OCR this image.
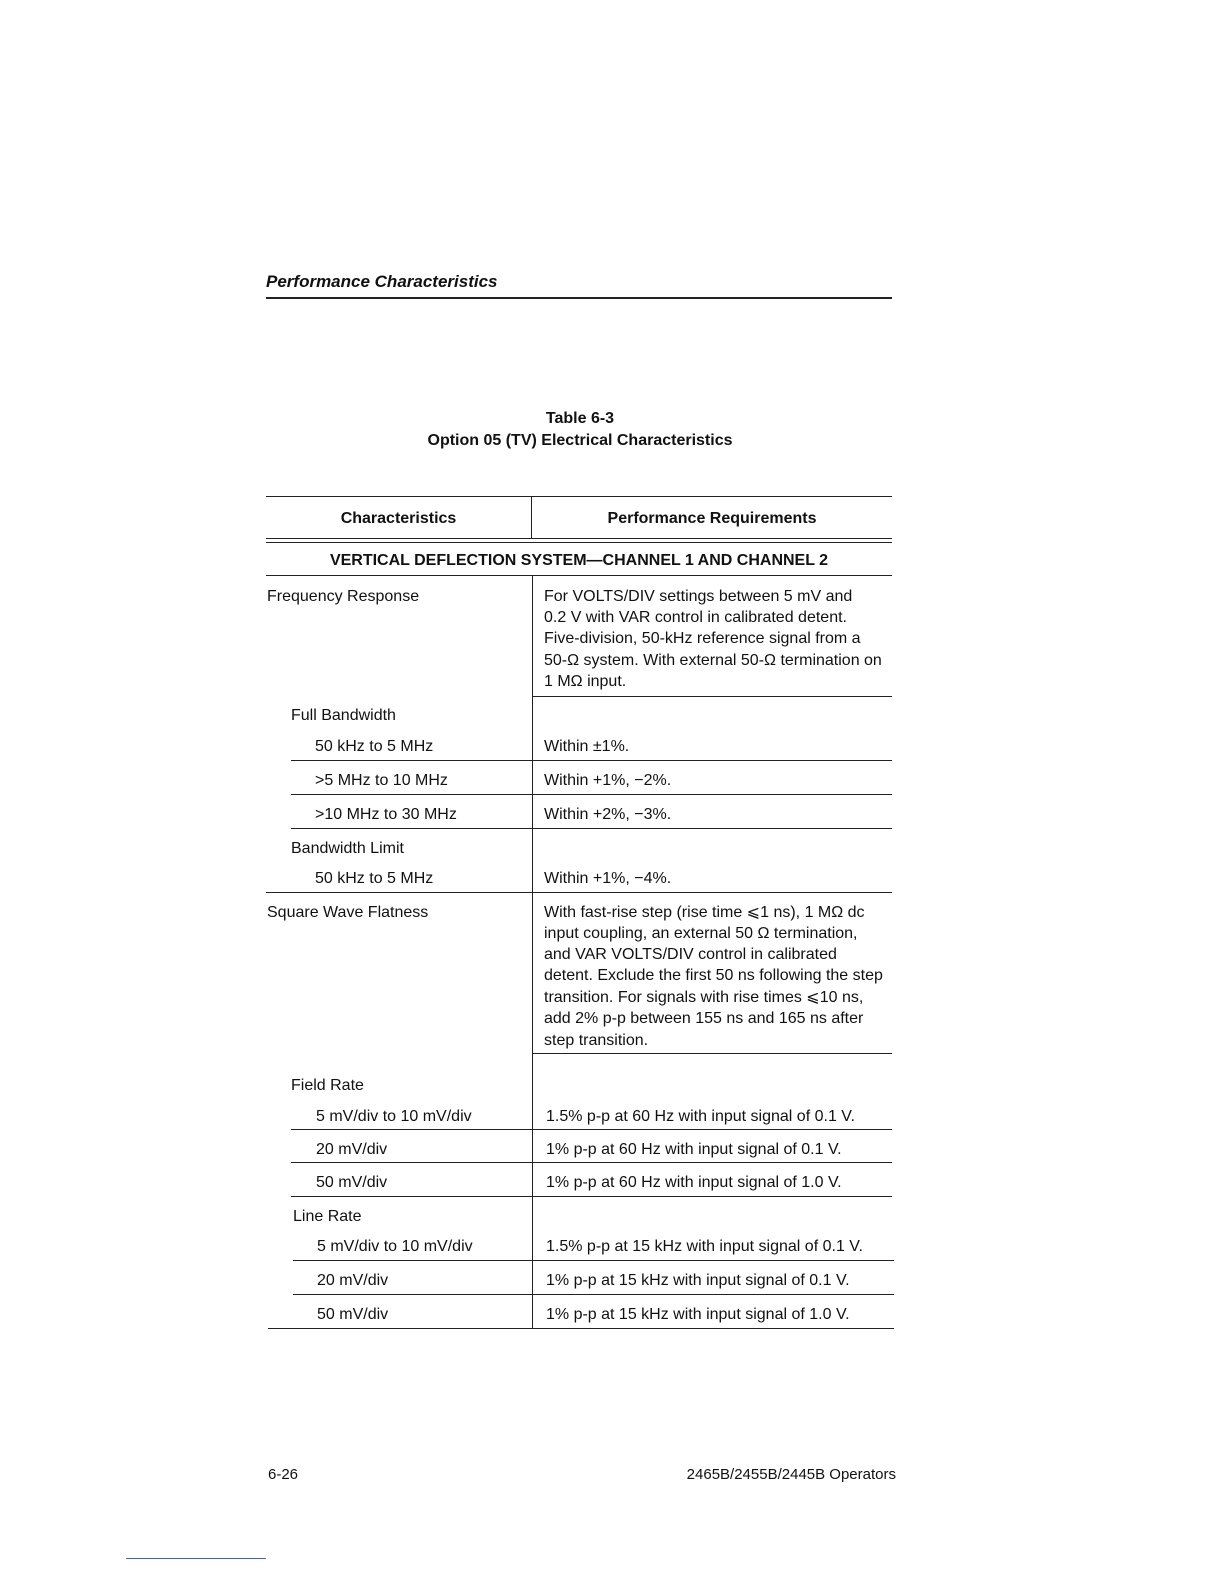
Performance Characteristics
Table 6-3
Option 05 (TV) Electrical Characteristics
Characteristics	Performance Requirements
VERTICAL DEFLECTION SYSTEM—CHANNEL 1 AND CHANNEL 2
Frequency Response	For VOLTS/DIV settings between 5 mV and
0.2 V with VAR control in calibrated detent.
Five-division, 50-kHz reference signal from a
50-Ω system. With external 50-Ω termination on
1 MΩ input.
Full Bandwidth
50 kHz to 5 MHz	Within ±1%.
>5 MHz to 10 MHz	Within +1%, −2%.
>10 MHz to 30 MHz	Within +2%, −3%.
Bandwidth Limit
50 kHz to 5 MHz	Within +1%, −4%.
Square Wave Flatness	With fast-rise step (rise time ⩽1 ns), 1 MΩ dc
input coupling, an external 50 Ω termination,
and VAR VOLTS/DIV control in calibrated
detent. Exclude the first 50 ns following the step
transition. For signals with rise times ⩽10 ns,
add 2% p-p between 155 ns and 165 ns after
step transition.
Field Rate
5 mV/div to 10 mV/div	1.5% p-p at 60 Hz with input signal of 0.1 V.
20 mV/div	1% p-p at 60 Hz with input signal of 0.1 V.
50 mV/div	1% p-p at 60 Hz with input signal of 1.0 V.
Line Rate
5 mV/div to 10 mV/div	1.5% p-p at 15 kHz with input signal of 0.1 V.
20 mV/div	1% p-p at 15 kHz with input signal of 0.1 V.
50 mV/div	1% p-p at 15 kHz with input signal of 1.0 V.
6-26	2465B/2455B/2445B Operators
